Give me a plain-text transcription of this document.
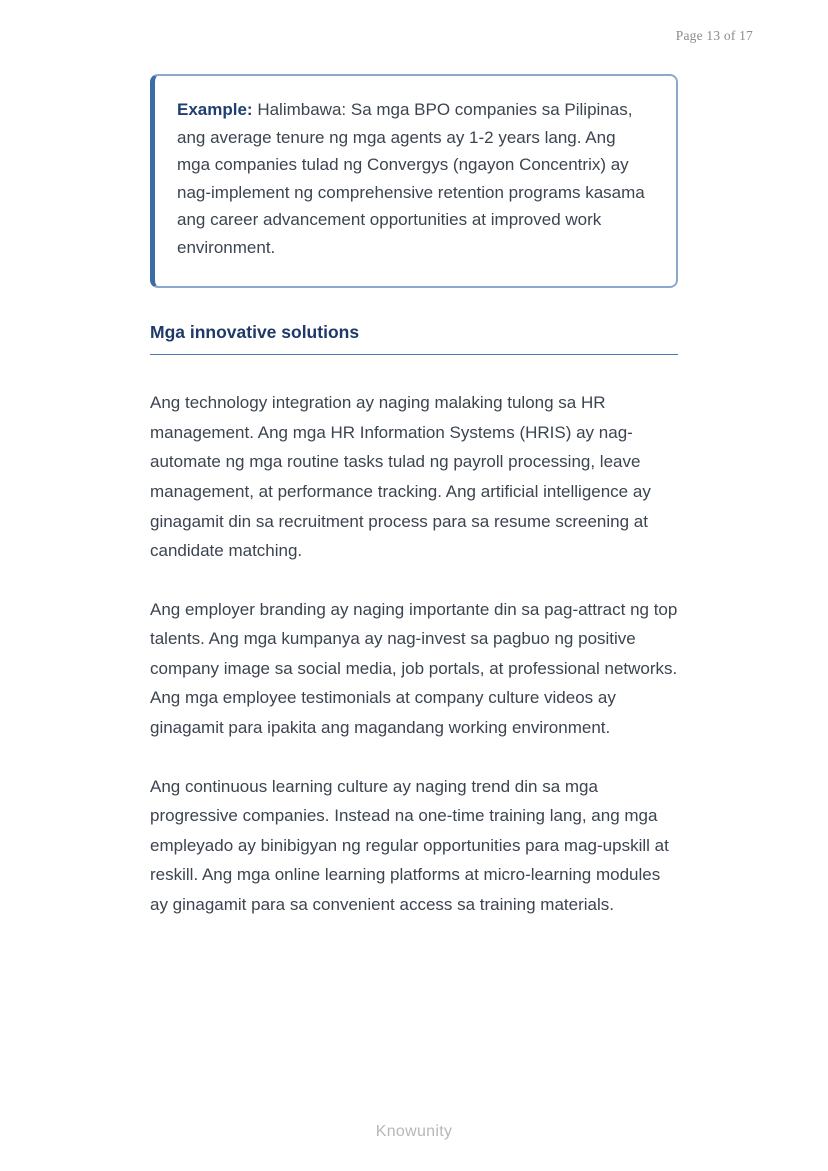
Page 13 of 17

Example: Halimbawa: Sa mga BPO companies sa Pilipinas, ang average tenure ng mga agents ay 1-2 years lang. Ang mga companies tulad ng Convergys (ngayon Concentrix) ay nag-implement ng comprehensive retention programs kasama ang career advancement opportunities at improved work environment.

Mga innovative solutions

Ang technology integration ay naging malaking tulong sa HR management. Ang mga HR Information Systems (HRIS) ay nag-automate ng mga routine tasks tulad ng payroll processing, leave management, at performance tracking. Ang artificial intelligence ay ginagamit din sa recruitment process para sa resume screening at candidate matching.

Ang employer branding ay naging importante din sa pag-attract ng top talents. Ang mga kumpanya ay nag-invest sa pagbuo ng positive company image sa social media, job portals, at professional networks. Ang mga employee testimonials at company culture videos ay ginagamit para ipakita ang magandang working environment.

Ang continuous learning culture ay naging trend din sa mga progressive companies. Instead na one-time training lang, ang mga empleyado ay binibigyan ng regular opportunities para mag-upskill at reskill. Ang mga online learning platforms at micro-learning modules ay ginagamit para sa convenient access sa training materials.

Knowunity
